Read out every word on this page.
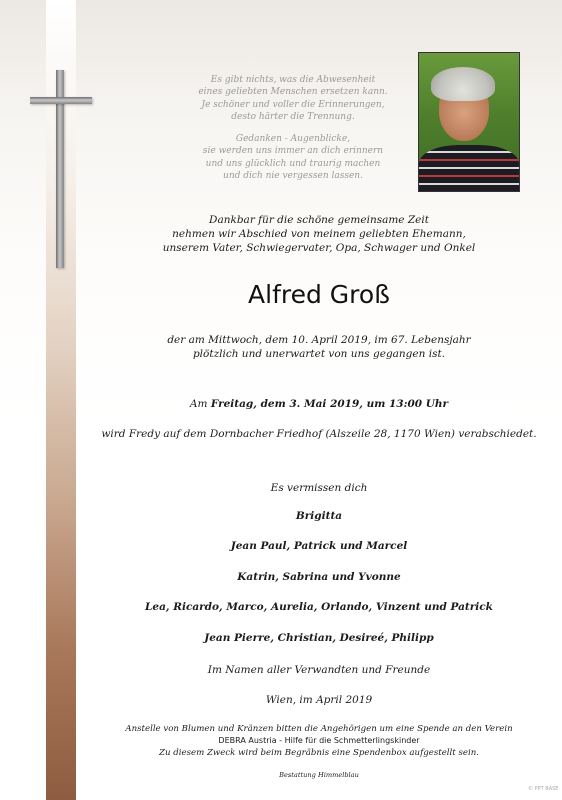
Es gibt nichts, was die Abwesenheit

eines geliebten Menschen ersetzen kann.

Je schöner und voller die Erinnerungen,

desto härter die Trennung.

Gedanken - Augenblicke,

sie werden uns immer an dich erinnern

und uns glücklich und traurig machen

und dich nie vergessen lassen.

Dankbar für die schöne gemeinsame Zeit
nehmen wir Abschied von meinem geliebten Ehemann,
unserem Vater, Schwiegervater, Opa, Schwager und Onkel
Alfred Groß
der am Mittwoch, dem 10. April 2019, im 67. Lebensjahr
plötzlich und unerwartet von uns gegangen ist.
Am Freitag, dem 3. Mai 2019, um 13:00 Uhr
wird Fredy auf dem Dornbacher Friedhof (Alszeile 28, 1170 Wien) verabschiedet.
Es vermissen dich
Brigitta
Jean Paul, Patrick und Marcel
Katrin, Sabrina und Yvonne
Lea, Ricardo, Marco, Aurelia, Orlando, Vinzent und Patrick
Jean Pierre, Christian, Desireé, Philipp
Im Namen aller Verwandten und Freunde
Wien, im April 2019
Anstelle von Blumen und Kränzen bitten die Angehörigen um eine Spende an den Verein
DEBRA Austria - Hilfe für die Schmetterlingskinder
Zu diesem Zweck wird beim Begräbnis eine Spendenbox aufgestellt sein.
Bestattung Himmelblau
© PPT BASE
